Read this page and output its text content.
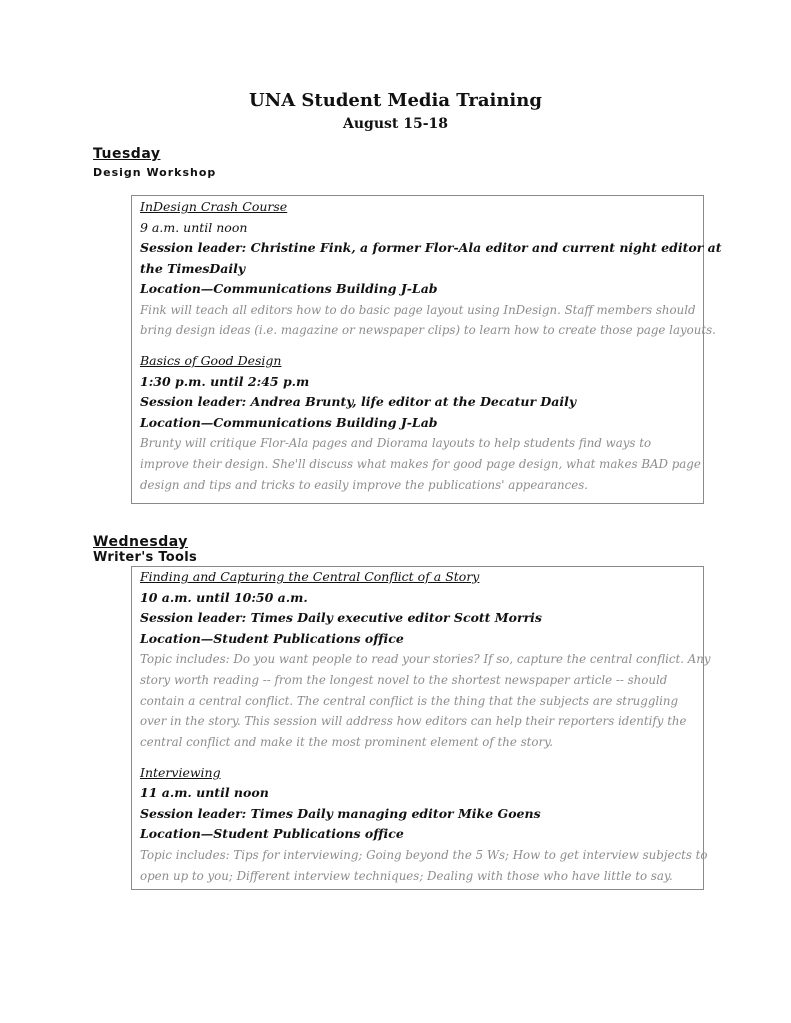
UNA Student Media Training
August 15-18
Tuesday
Design Workshop
InDesign Crash Course
9 a.m. until noon
Session leader: Christine Fink, a former Flor-Ala editor and current night editor at
the TimesDaily
Location—Communications Building J-Lab
Fink will teach all editors how to do basic page layout using InDesign. Staff members should
bring design ideas (i.e. magazine or newspaper clips) to learn how to create those page layouts.
Basics of Good Design
1:30 p.m. until 2:45 p.m
Session leader: Andrea Brunty, life editor at the Decatur Daily
Location—Communications Building J-Lab
Brunty will critique Flor-Ala pages and Diorama layouts to help students find ways to
improve their design. She'll discuss what makes for good page design, what makes BAD page
design and tips and tricks to easily improve the publications' appearances.
Wednesday
Writer's Tools
Finding and Capturing the Central Conflict of a Story
10 a.m. until 10:50 a.m.
Session leader: Times Daily executive editor Scott Morris
Location—Student Publications office
Topic includes: Do you want people to read your stories? If so, capture the central conflict. Any
story worth reading -- from the longest novel to the shortest newspaper article -- should
contain a central conflict. The central conflict is the thing that the subjects are struggling
over in the story. This session will address how editors can help their reporters identify the
central conflict and make it the most prominent element of the story.
Interviewing
11 a.m. until noon
Session leader: Times Daily managing editor Mike Goens
Location—Student Publications office
Topic includes: Tips for interviewing; Going beyond the 5 Ws; How to get interview subjects to
open up to you; Different interview techniques; Dealing with those who have little to say.
